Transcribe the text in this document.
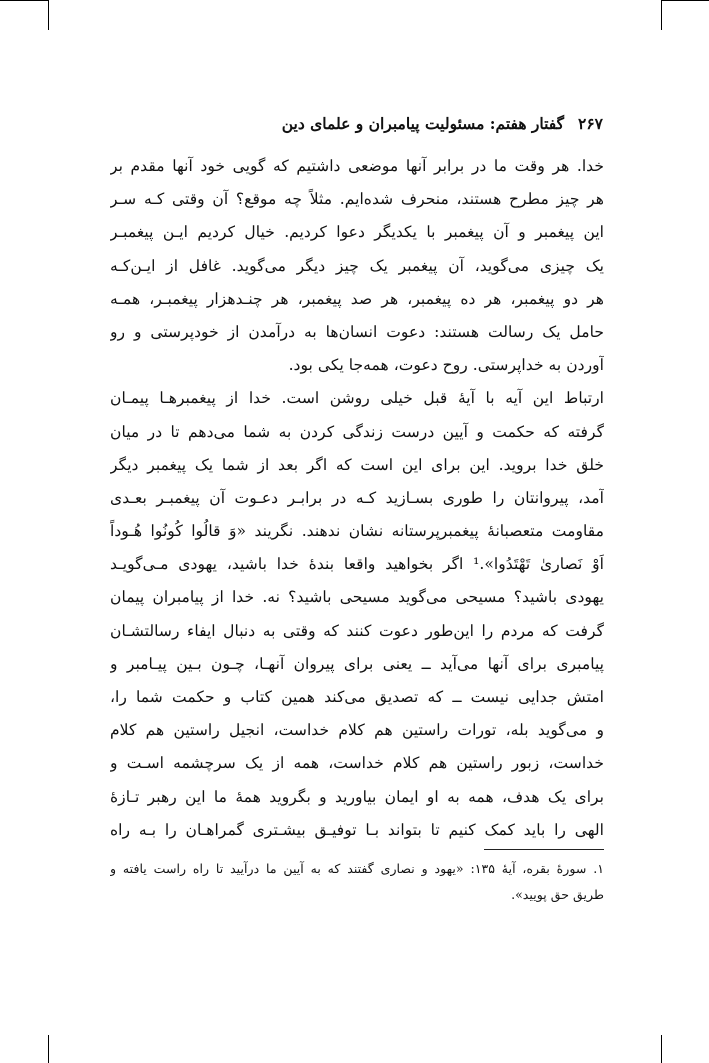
۲۶۷گفتار هفتم: مسئولیت پیامبران و علمای دین
خدا. هر وقت ما در برابر آنها موضعی داشتیم که گویی خود آنها مقدم بر
هر چیز مطرح هستند، منحرف شده‌ایم. مثلاً چه موقع؟ آن وقتی کـه سـر
این پیغمبر و آن پیغمبر با یکدیگر دعوا کردیم. خیال کردیم ایـن پیغمبـر
یک چیزی می‌گوید، آن پیغمبر یک چیز دیگر می‌گوید. غافل از ایـن‌کـه
هر دو پیغمبر، هر ده پیغمبر، هر صد پیغمبر، هر چنـدهزار پیغمبـر، همـه
حامل یک رسالت هستند: دعوت انسان‌ها به درآمدن از خودپرستی و رو
آوردن به خداپرستی. روح دعوت، همه‌جا یکی بود.
ارتباط این آیه با آیهٔ قبل خیلی روشن است. خدا از پیغمبرهـا پیمـان
گرفته که حکمت و آیین درست زندگی کردن به شما می‌دهم تا در میان
خلق خدا بروید. این برای این است که اگر بعد از شما یک پیغمبر دیگر
آمد، پیروانتان را طوری بسـازید کـه در برابـر دعـوت آن پیغمبـر بعـدی
مقاومت متعصبانهٔ پیغمبرپرستانه نشان ندهند. نگریند «وَ قالُوا کُونُوا هُـوداً
اَوْ نَصارىٰ تَهْتَدُوا».¹ اگر بخواهید واقعا بندهٔ خدا باشید، یهودی مـی‌گویـد
یهودی باشید؟ مسیحی می‌گوید مسیحی باشید؟ نه. خدا از پیامبران پیمان
گرفت که مردم را این‌طور دعوت کنند که وقتی به دنبال ایفاء رسالتشـان
پیامبری برای آنها می‌آید ــ یعنی برای پیروان آنهـا، چـون بـین پیـامبر و
امتش جدایی نیست ــ که تصدیق می‌کند همین کتاب و حکمت شما را،
و می‌گوید بله، تورات راستین هم کلام خداست، انجیل راستین هم کلام
خداست، زبور راستین هم کلام خداست، همه از یک سرچشمه اسـت و
برای یک هدف، همه به او ایمان بیاورید و بگروید همهٔ ما این رهبر تـازهٔ
الهی را باید کمک کنیم تا بتواند بـا توفیـق بیشـتری گمراهـان را بـه راه
۱. سورهٔ بقره، آیهٔ ۱۳۵: «یهود و نصاری گفتند که به آیین ما درآیید تا راه راست یافته و
طریق حق پویید».
